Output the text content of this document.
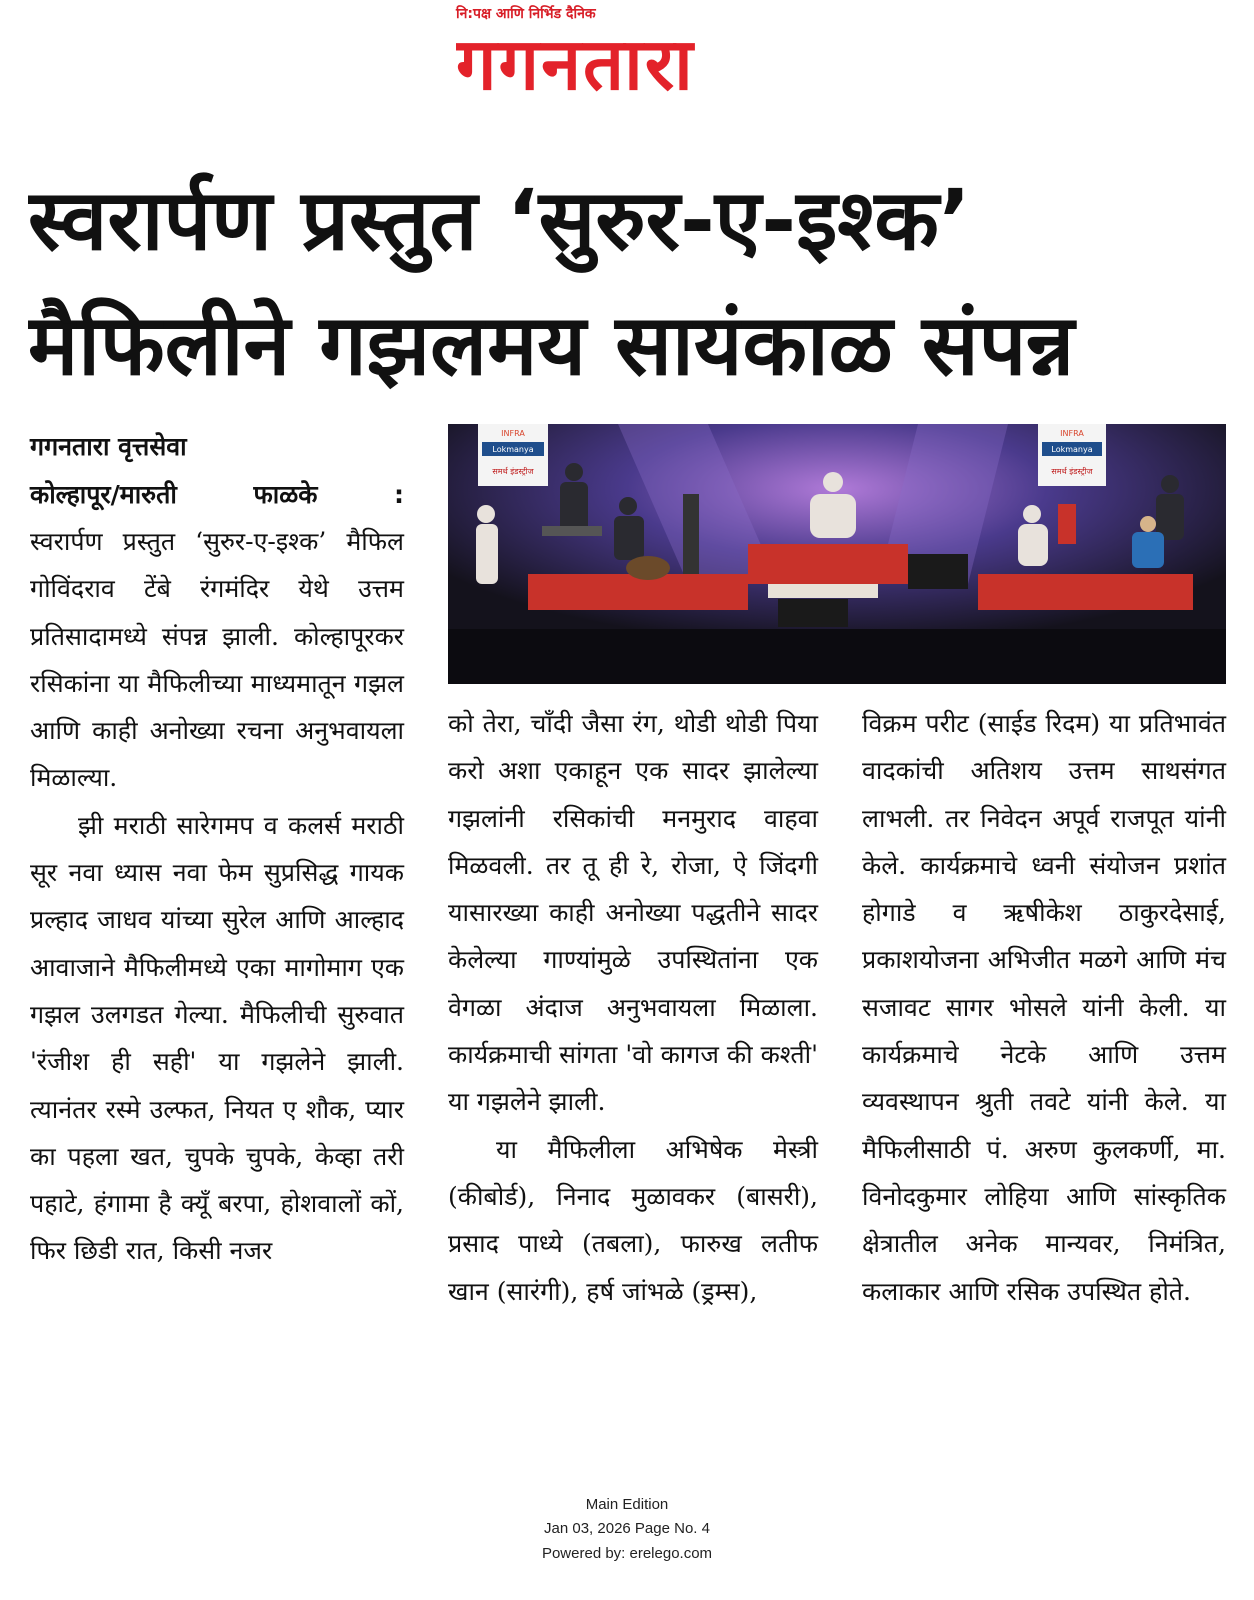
नि:पक्ष आणि निर्भिड दैनिक
गगनतारा
स्वरार्पण प्रस्तुत ‘सुरुर-ए-इश्क’
मैफिलीने गझलमय सायंकाळ संपन्न
गगनतारा वृत्तसेवा
कोल्हापूर/मारुती	फाळके	:
INFRA
Lokmanya
समर्थ इंडस्ट्रीज
INFRA
Lokmanya
समर्थ इंडस्ट्रीज

स्वरार्पण प्रस्तुत ‘सुरुर-ए-इश्क’ मैफिल गोविंदराव टेंबे रंगमंदिर येथे उत्तम प्रतिसादामध्ये संपन्न झाली. कोल्हापूरकर रसिकांना या मैफिलीच्या माध्यमातून गझल आणि काही अनोख्या रचना अनुभवायला मिळाल्या.

झी मराठी सारेगमप व कलर्स मराठी सूर नवा ध्यास नवा फेम सुप्रसिद्ध गायक प्रल्हाद जाधव यांच्या सुरेल आणि आल्हाद आवाजाने मैफिलीमध्ये एका मागोमाग एक गझल उलगडत गेल्या. मैफिलीची सुरुवात 'रंजीश ही सही' या गझलेने झाली. त्यानंतर रस्मे उल्फत, नियत ए शौक, प्यार का पहला खत, चुपके चुपके, केव्हा तरी पहाटे, हंगामा है क्यूँ बरपा, होशवालों कों, फिर छिडी रात, किसी नजर

को तेरा, चाँदी जैसा रंग, थोडी थोडी पिया करो अशा एकाहून एक सादर झालेल्या गझलांनी रसिकांची मनमुराद वाहवा मिळवली. तर तू ही रे, रोजा, ऐ जिंदगी यासारख्या काही अनोख्या पद्धतीने सादर केलेल्या गाण्यांमुळे उपस्थितांना एक वेगळा अंदाज अनुभवायला मिळाला. कार्यक्रमाची सांगता 'वो कागज की कश्ती' या गझलेने झाली.

या मैफिलीला अभिषेक मेस्त्री (कीबोर्ड), निनाद मुळावकर (बासरी), प्रसाद पाध्ये (तबला), फारुख लतीफ खान (सारंगी), हर्ष जांभळे (ड्रम्स),

विक्रम परीट (साईड रिदम) या प्रतिभावंत वादकांची अतिशय उत्तम साथसंगत लाभली. तर निवेदन अपूर्व राजपूत यांनी केले. कार्यक्रमाचे ध्वनी संयोजन प्रशांत होगाडे व ऋषीकेश ठाकुरदेसाई, प्रकाशयोजना अभिजीत मळगे आणि मंच सजावट सागर भोसले यांनी केली. या कार्यक्रमाचे नेटके आणि उत्तम व्यवस्थापन श्रुती तवटे यांनी केले. या मैफिलीसाठी पं. अरुण कुलकर्णी, मा. विनोदकुमार लोहिया आणि सांस्कृतिक क्षेत्रातील अनेक मान्यवर, निमंत्रित, कलाकार आणि रसिक उपस्थित होते.

Main Edition
Jan 03, 2026 Page No. 4
Powered by: erelego.com
